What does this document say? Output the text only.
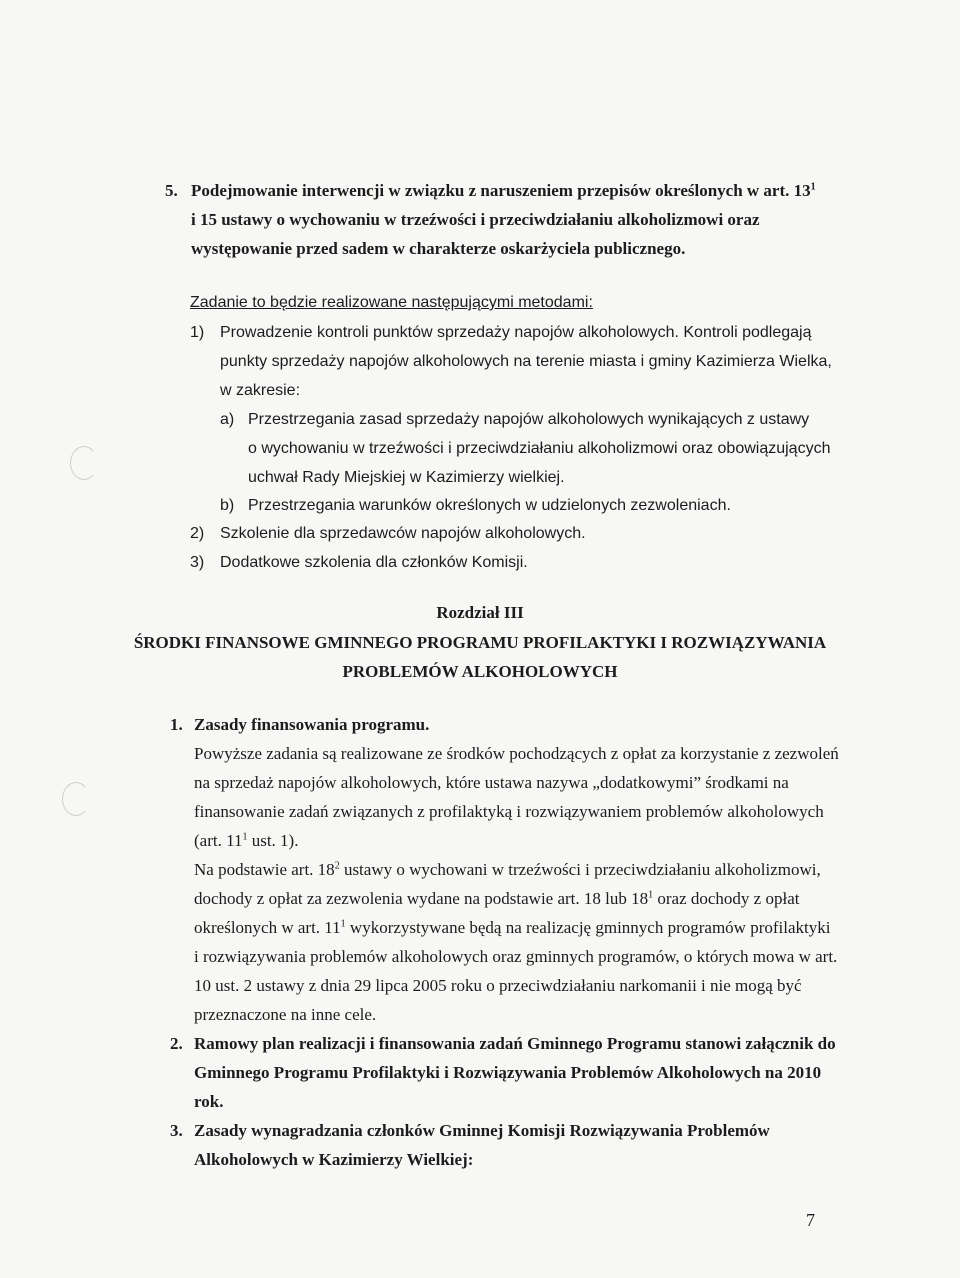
5. Podejmowanie interwencji w związku z naruszeniem przepisów określonych w art. $13^1$
i 15 ustawy o wychowaniu w trzeźwości i przeciwdziałaniu alkoholizmowi oraz
występowanie przed sadem w charakterze oskarżyciela publicznego.
Zadanie to będzie realizowane następującymi metodami:
1) Prowadzenie kontroli punktów sprzedaży napojów alkoholowych. Kontroli podlegają
punkty sprzedaży napojów alkoholowych na terenie miasta i gminy Kazimierza Wielka,
w zakresie:
a) Przestrzegania zasad sprzedaży napojów alkoholowych wynikających z ustawy
o wychowaniu w trzeźwości i przeciwdziałaniu alkoholizmowi oraz obowiązujących
uchwał Rady Miejskiej w Kazimierzy wielkiej.
b) Przestrzegania warunków określonych w udzielonych zezwoleniach.
2) Szkolenie dla sprzedawców napojów alkoholowych.
3) Dodatkowe szkolenia dla członków Komisji.
Rozdział III
ŚRODKI FINANSOWE GMINNEGO PROGRAMU PROFILAKTYKI I ROZWIĄZYWANIA
PROBLEMÓW ALKOHOLOWYCH
1. Zasady finansowania programu.
Powyższe zadania są realizowane ze środków pochodzących z opłat za korzystanie z zezwoleń
na sprzedaż napojów alkoholowych, które ustawa nazywa „dodatkowymi” środkami na
finansowanie zadań związanych z profilaktyką i rozwiązywaniem problemów alkoholowych
(art. $11^1$ ust. 1).
Na podstawie art. $18^2$ ustawy o wychowani w trzeźwości i przeciwdziałaniu alkoholizmowi,
dochody z opłat za zezwolenia wydane na podstawie art. 18 lub $18^1$ oraz dochody z opłat
określonych w art. $11^1$ wykorzystywane będą na realizację gminnych programów profilaktyki
i rozwiązywania problemów alkoholowych oraz gminnych programów, o których mowa w art.
10 ust. 2 ustawy z dnia 29 lipca 2005 roku o przeciwdziałaniu narkomanii i nie mogą być
przeznaczone na inne cele.
2. Ramowy plan realizacji i finansowania zadań Gminnego Programu stanowi załącznik do
Gminnego Programu Profilaktyki i Rozwiązywania Problemów Alkoholowych na 2010
rok.
3. Zasady wynagradzania członków Gminnej Komisji Rozwiązywania Problemów
Alkoholowych w Kazimierzy Wielkiej:
7
